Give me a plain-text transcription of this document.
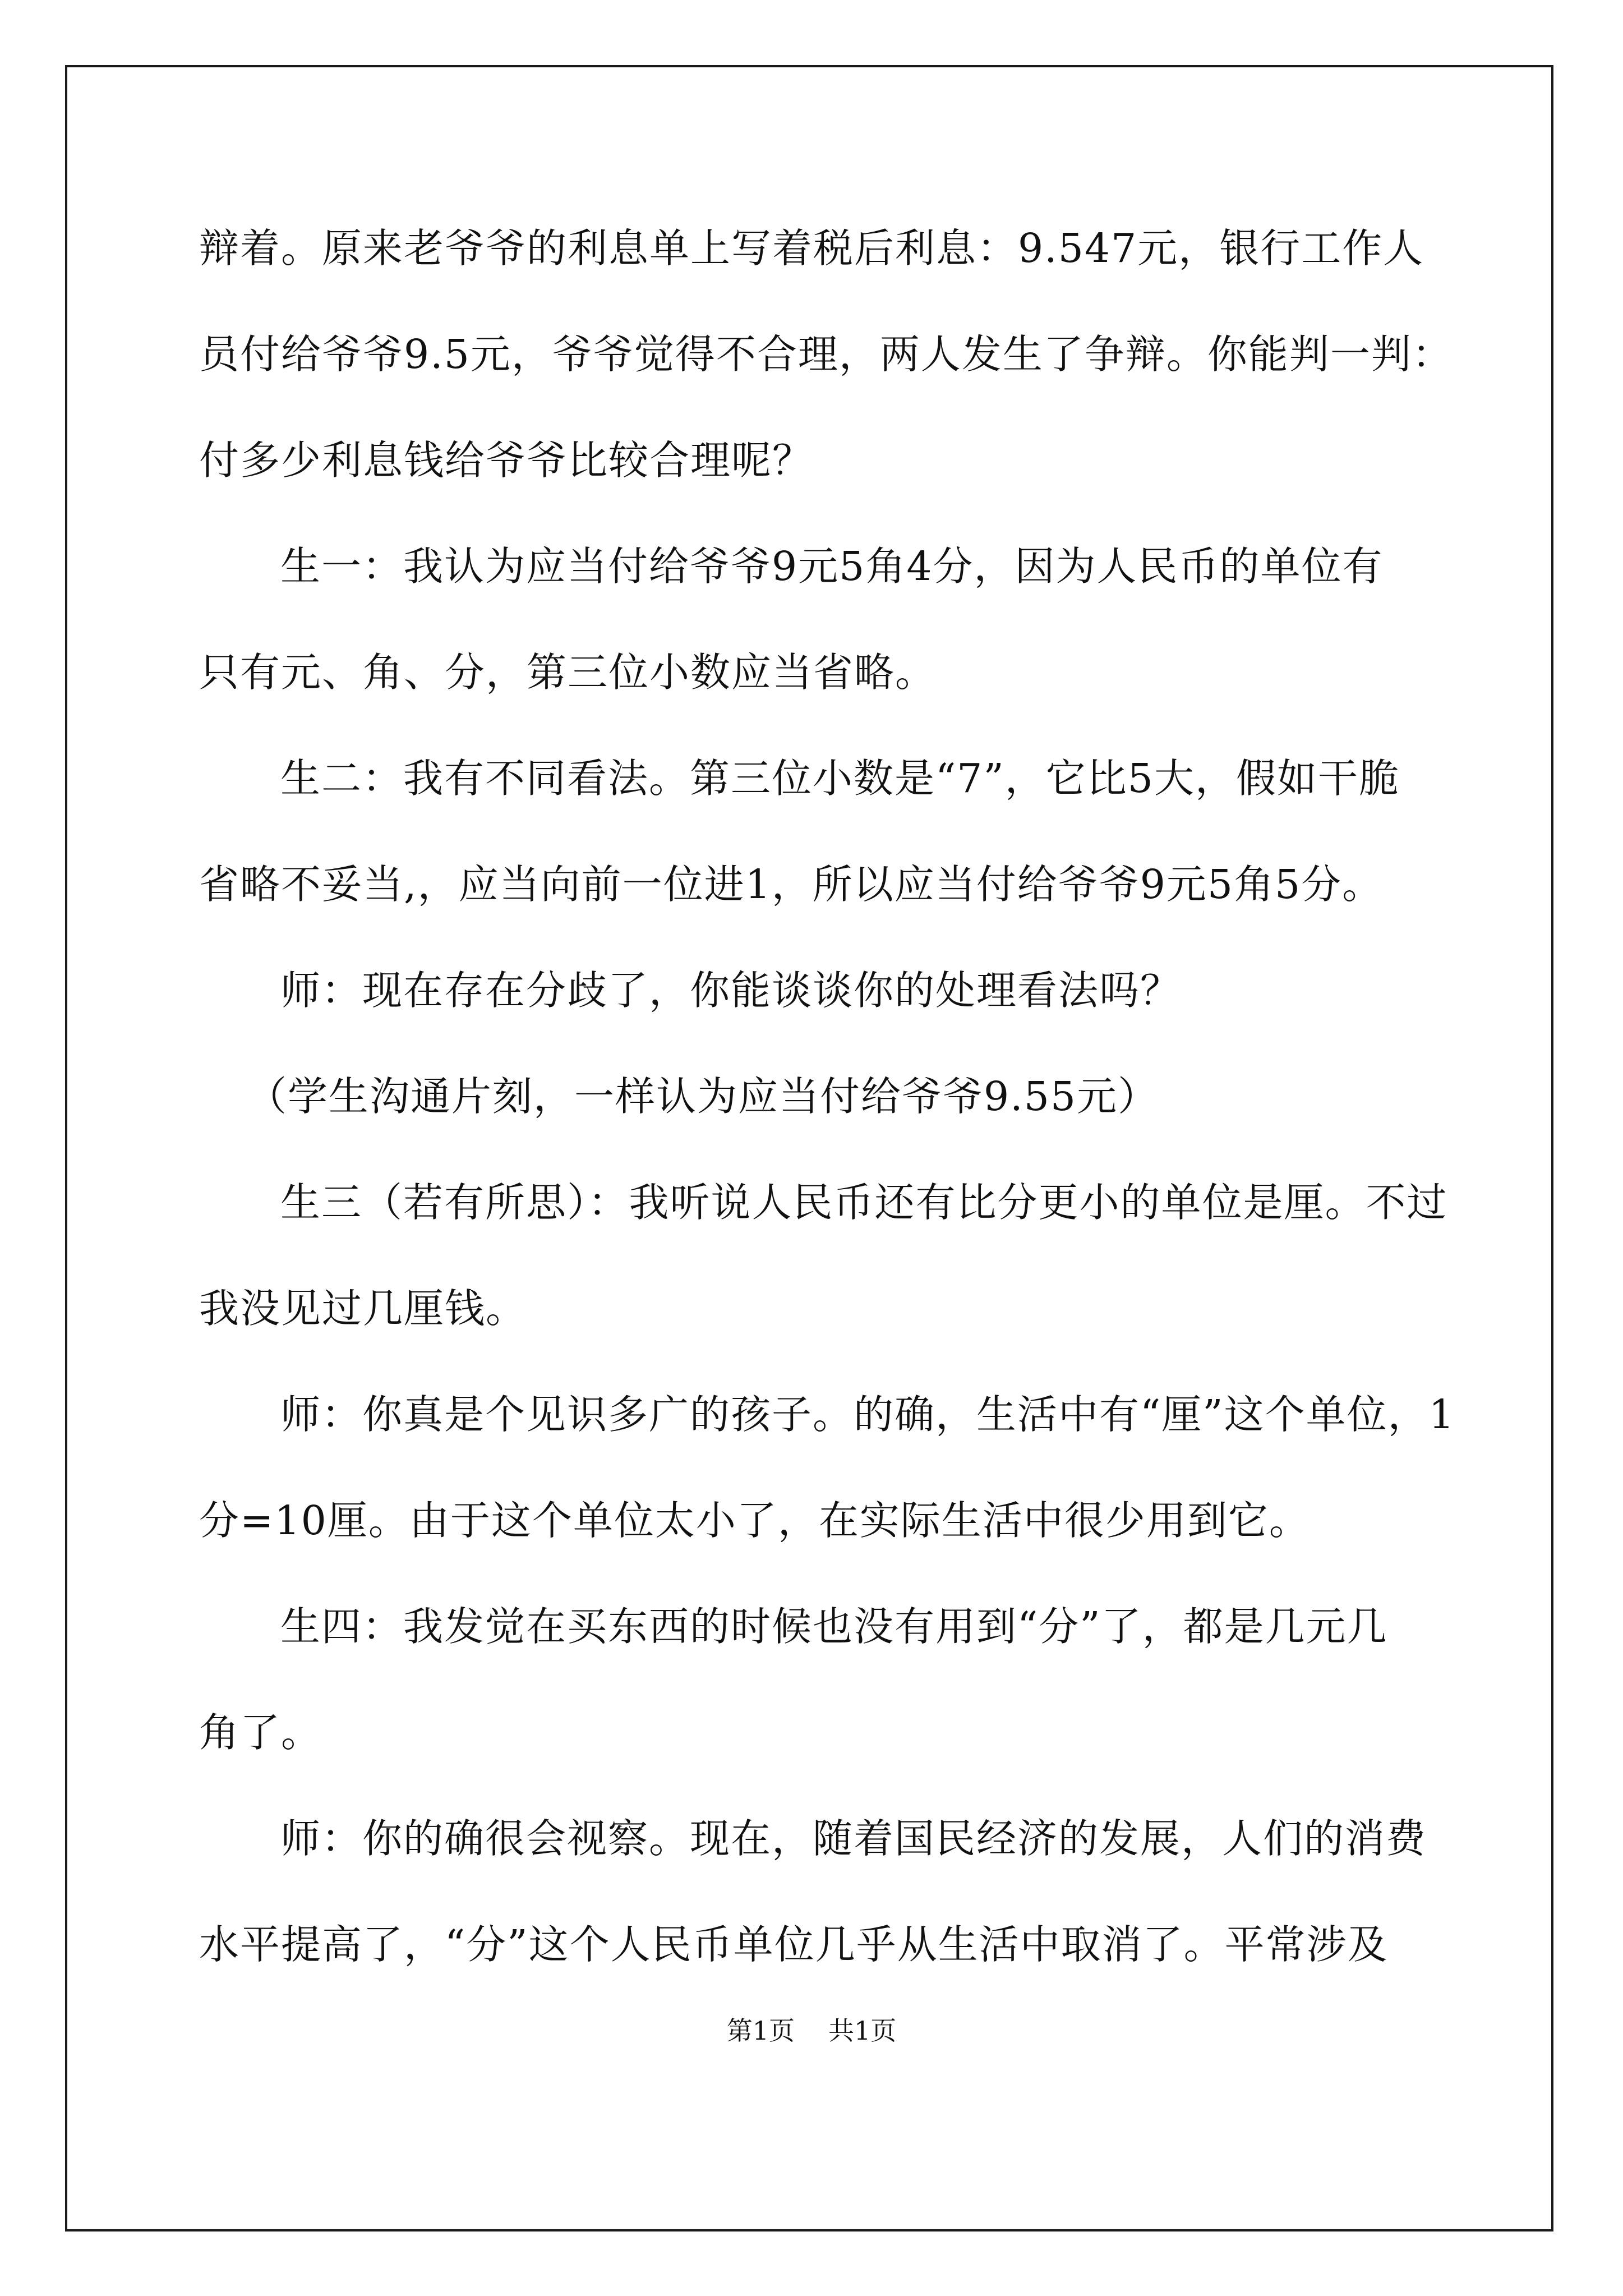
辩着。原来老爷爷的利息单上写着税后利息：9.547元，银行工作人
员付给爷爷9.5元，爷爷觉得不合理，两人发生了争辩。你能判一判：
付多少利息钱给爷爷比较合理呢？
生一：我认为应当付给爷爷9元5角4分，因为人民币的单位有
只有元、角、分，第三位小数应当省略。
生二：我有不同看法。第三位小数是“7”，它比5大，假如干脆
省略不妥当,，应当向前一位进1，所以应当付给爷爷9元5角5分。
师：现在存在分歧了，你能谈谈你的处理看法吗？
（学生沟通片刻，一样认为应当付给爷爷9.55元）
生三（若有所思）：我听说人民币还有比分更小的单位是厘。不过
我没见过几厘钱。
师：你真是个见识多广的孩子。的确，生活中有“厘”这个单位，1
分=10厘。由于这个单位太小了，在实际生活中很少用到它。
生四：我发觉在买东西的时候也没有用到“分”了，都是几元几
角了。
师：你的确很会视察。现在，随着国民经济的发展，人们的消费
水平提高了，“分”这个人民币单位几乎从生活中取消了。平常涉及
第1页 共1页
